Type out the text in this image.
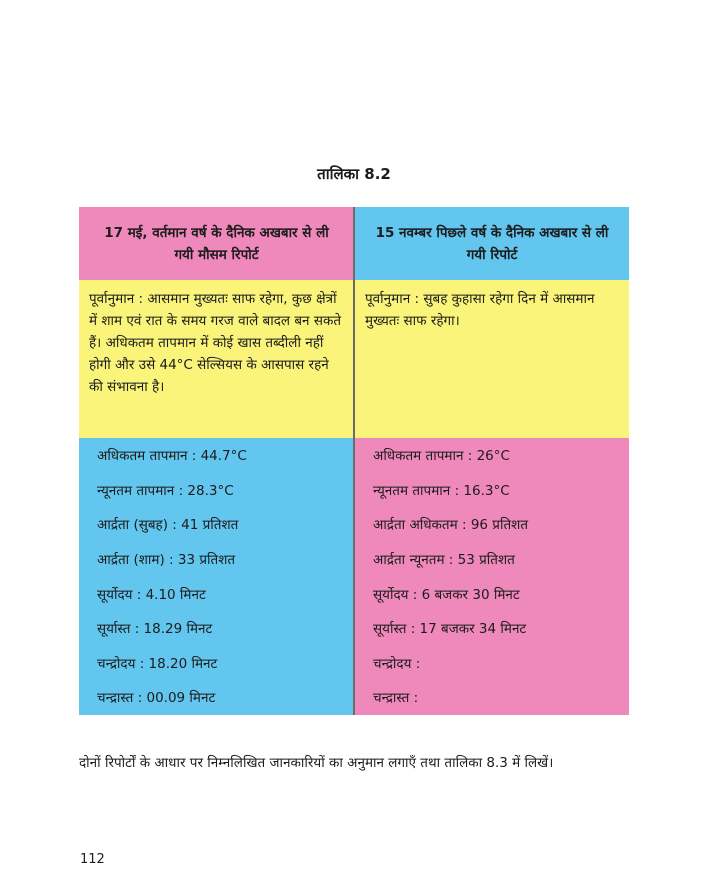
तालिका 8.2
17 मई, वर्तमान वर्ष के दैनिक अखबार से ली गयी मौसम रिपोर्ट
15 नवम्बर पिछले वर्ष के दैनिक अखबार से ली गयी रिपोर्ट
पूर्वानुमान : आसमान मुख्यतः साफ रहेगा, कुछ क्षेत्रों में शाम एवं रात के समय गरज वाले बादल बन सकते हैं। अधिकतम तापमान में कोई खास तब्दीली नहीं होगी और उसे 44°C सेल्सियस के आसपास रहने की संभावना है।
पूर्वानुमान : सुबह कुहासा रहेगा दिन में आसमान मुख्यतः साफ रहेगा।
अधिकतम तापमान : 44.7°C
न्यूनतम तापमान : 28.3°C
आर्द्रता (सुबह) : 41 प्रतिशत
आर्द्रता (शाम) : 33 प्रतिशत
सूर्योदय : 4.10 मिनट
सूर्यास्त : 18.29 मिनट
चन्द्रोदय : 18.20 मिनट
चन्द्रास्त : 00.09 मिनट
अधिकतम तापमान : 26°C
न्यूनतम तापमान : 16.3°C
आर्द्रता अधिकतम : 96 प्रतिशत
आर्द्रता न्यूनतम : 53 प्रतिशत
सूर्योदय : 6 बजकर 30 मिनट
सूर्यास्त : 17 बजकर 34 मिनट
चन्द्रोदय :
चन्द्रास्त :
दोनों रिपोर्टों के आधार पर निम्नलिखित जानकारियों का अनुमान लगाएँ तथा तालिका 8.3 में लिखें।
112
